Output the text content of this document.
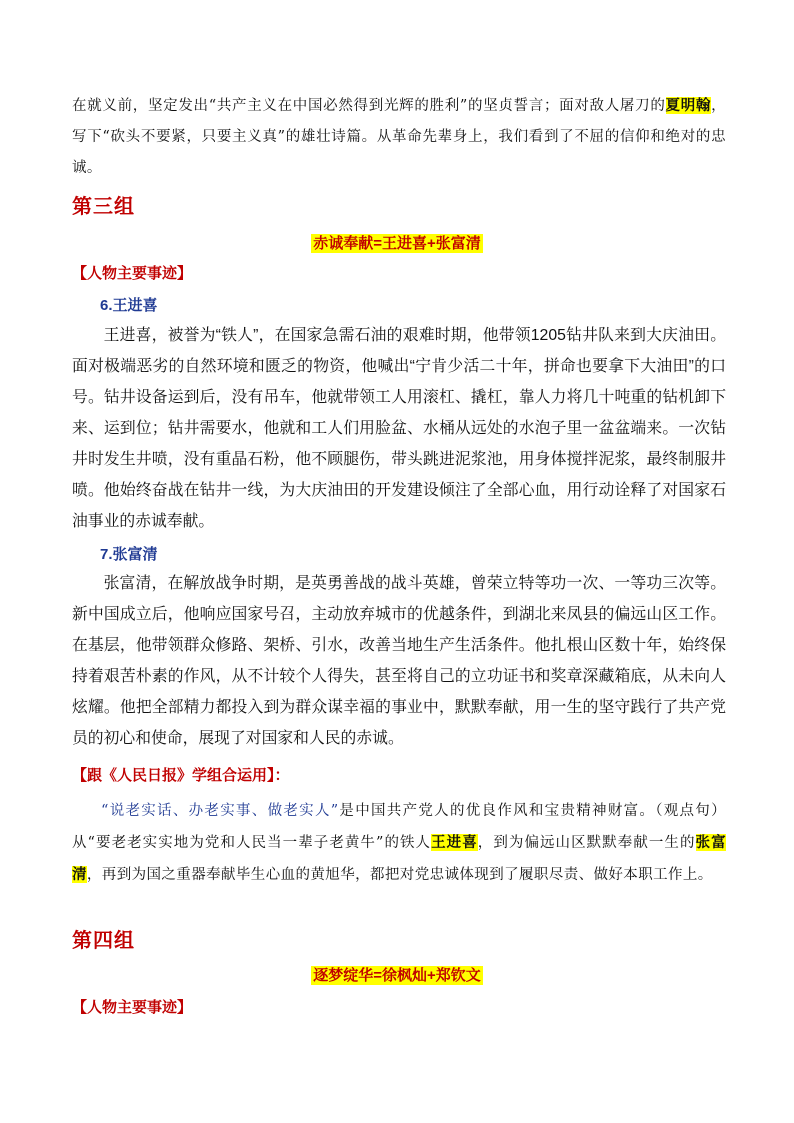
在就义前，坚定发出“共产主义在中国必然得到光辉的胜利”的坚贞誓言；面对敌人屠刀的夏明翰，写下“砍头不要紧，只要主义真”的雄壮诗篇。从革命先辈身上，我们看到了不屈的信仰和绝对的忠诚。
第三组
赤诚奉献=王进喜+张富清
【人物主要事迹】
6.王进喜

王进喜，被誉为“铁人”，在国家急需石油的艰难时期，他带领1205钻井队来到大庆油田。面对极端恶劣的自然环境和匮乏的物资，他喊出“宁肯少活二十年，拼命也要拿下大油田”的口号。钻井设备运到后，没有吊车，他就带领工人用滚杠、撬杠，靠人力将几十吨重的钻机卸下来、运到位；钻井需要水，他就和工人们用脸盆、水桶从远处的水泡子里一盆盆端来。一次钻井时发生井喷，没有重晶石粉，他不顾腿伤，带头跳进泥浆池，用身体搅拌泥浆，最终制服井喷。他始终奋战在钻井一线，为大庆油田的开发建设倾注了全部心血，用行动诠释了对国家石油事业的赤诚奉献。

7.张富清

张富清，在解放战争时期，是英勇善战的战斗英雄，曾荣立特等功一次、一等功三次等。新中国成立后，他响应国家号召，主动放弃城市的优越条件，到湖北来凤县的偏远山区工作。在基层，他带领群众修路、架桥、引水，改善当地生产生活条件。他扎根山区数十年，始终保持着艰苦朴素的作风，从不计较个人得失，甚至将自己的立功证书和奖章深藏箱底，从未向人炫耀。他把全部精力都投入到为群众谋幸福的事业中，默默奉献，用一生的坚守践行了共产党员的初心和使命，展现了对国家和人民的赤诚。

【跟《人民日报》学组合运用】：
“说老实话、办老实事、做老实人”是中国共产党人的优良作风和宝贵精神财富。（观点句）从“要老老实实地为党和人民当一辈子老黄牛”的铁人王进喜，到为偏远山区默默奉献一生的张富清，再到为国之重器奉献毕生心血的黄旭华，都把对党忠诚体现到了履职尽责、做好本职工作上。
第四组
逐梦绽华=徐枫灿+郑钦文
【人物主要事迹】
